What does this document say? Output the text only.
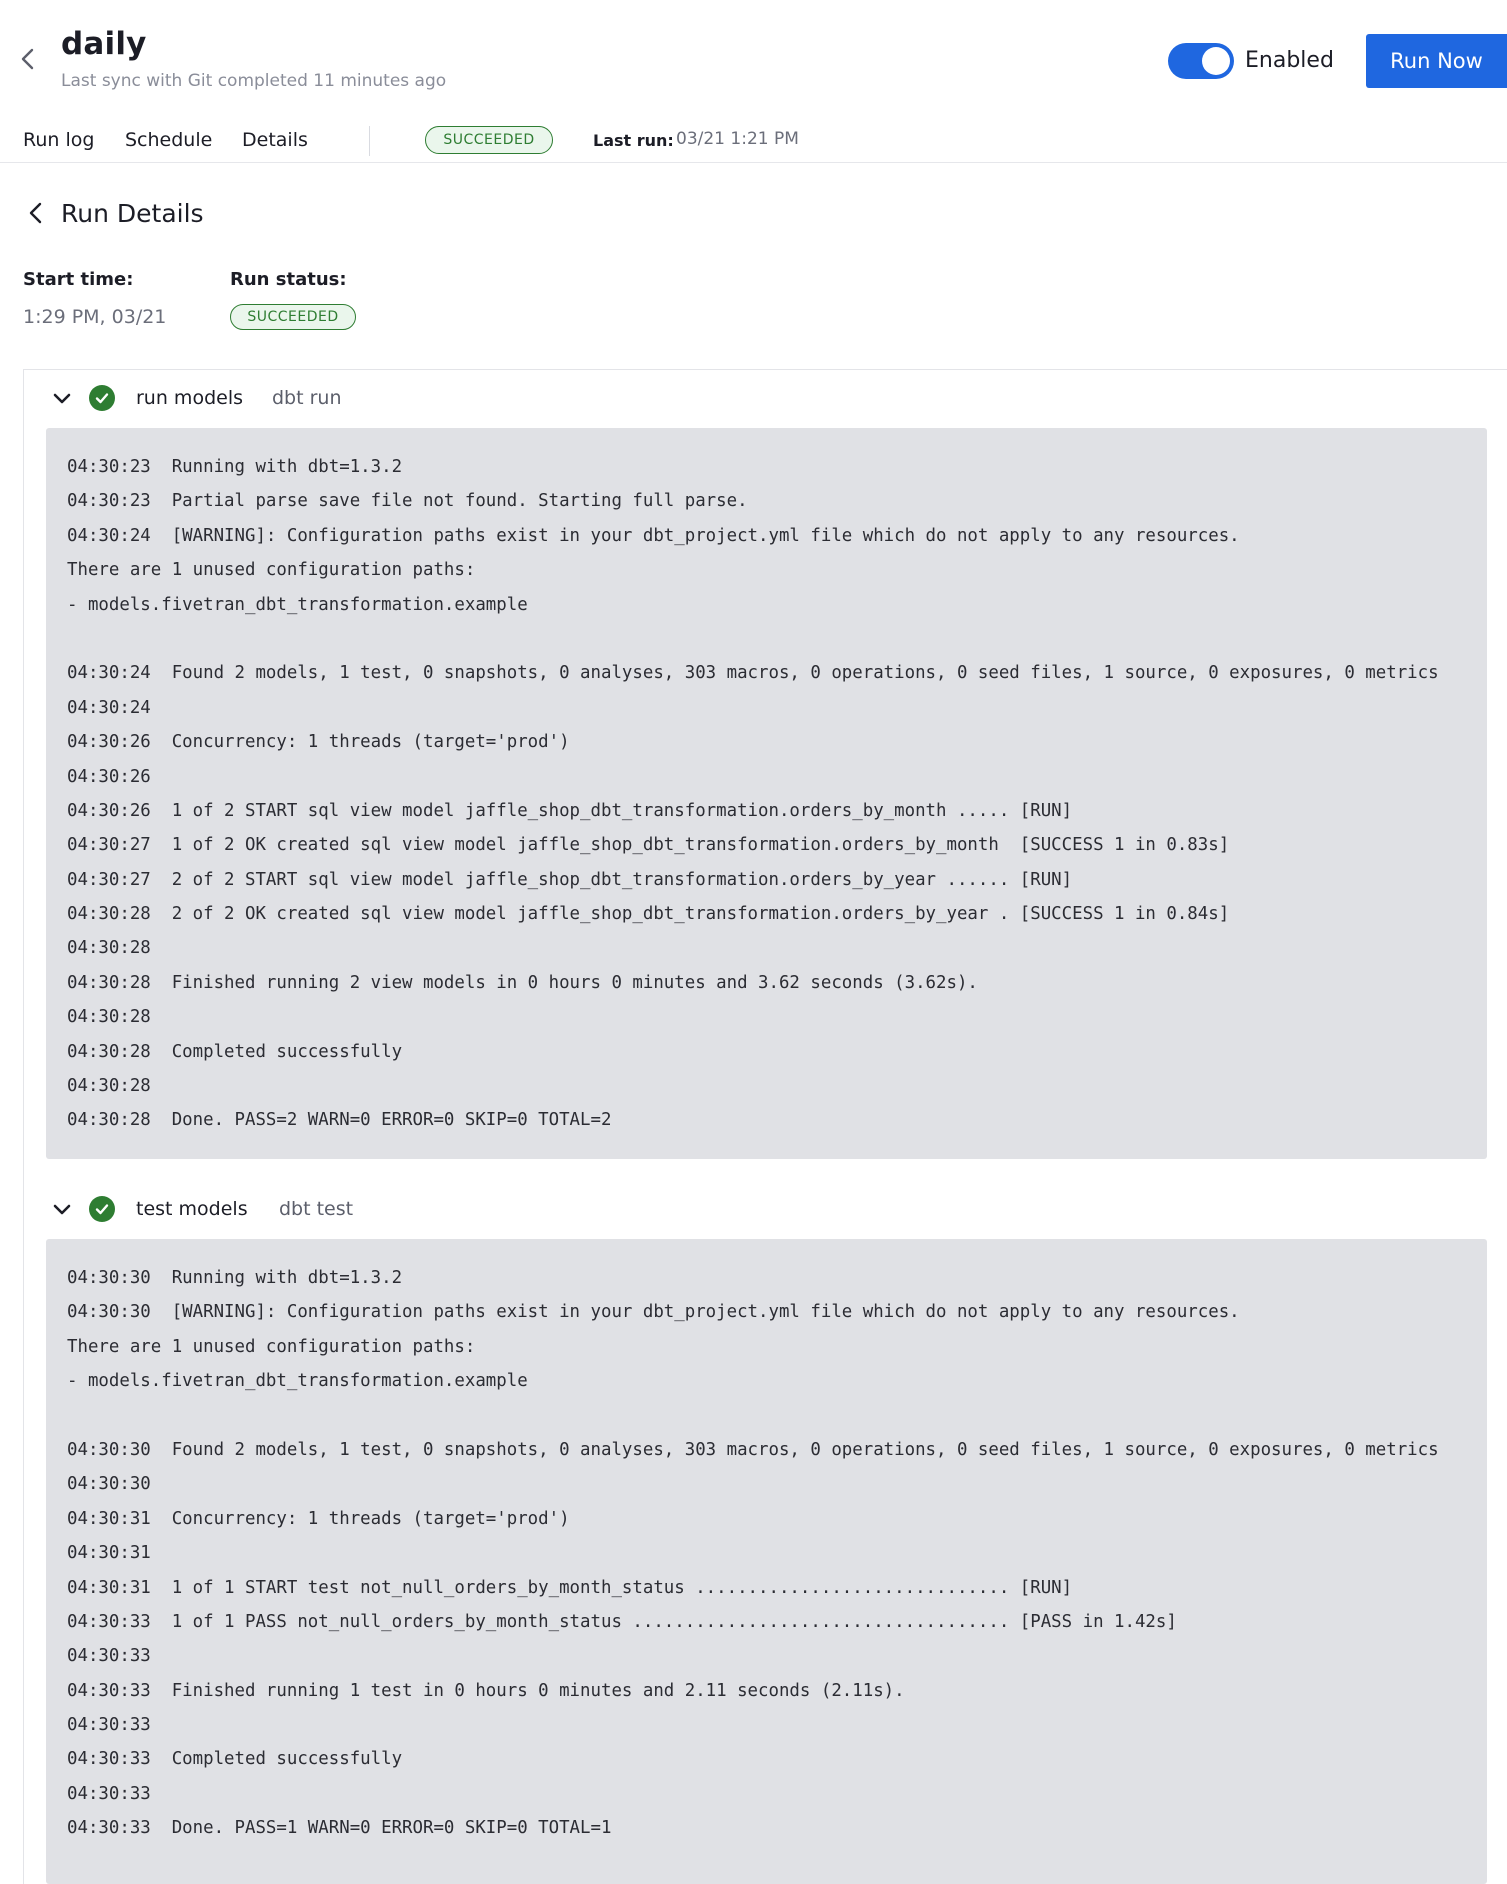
daily
Last sync with Git completed 11 minutes ago
Enabled	Run Now
Run log Schedule Details	SUCCEEDED	Last run: 03/21 1:21 PM
Run Details
Start time:	Run status:
1:29 PM, 03/21	SUCCEEDED
run models dbt run
04:30:23  Running with dbt=1.3.2
04:30:23  Partial parse save file not found. Starting full parse.
04:30:24  [WARNING]: Configuration paths exist in your dbt_project.yml file which do not apply to any resources.
There are 1 unused configuration paths:
- models.fivetran_dbt_transformation.example
04:30:24  Found 2 models, 1 test, 0 snapshots, 0 analyses, 303 macros, 0 operations, 0 seed files, 1 source, 0 exposures, 0 metrics
04:30:24
04:30:26  Concurrency: 1 threads (target='prod')
04:30:26
04:30:26  1 of 2 START sql view model jaffle_shop_dbt_transformation.orders_by_month ..... [RUN]
04:30:27  1 of 2 OK created sql view model jaffle_shop_dbt_transformation.orders_by_month  [SUCCESS 1 in 0.83s]
04:30:27  2 of 2 START sql view model jaffle_shop_dbt_transformation.orders_by_year ...... [RUN]
04:30:28  2 of 2 OK created sql view model jaffle_shop_dbt_transformation.orders_by_year . [SUCCESS 1 in 0.84s]
04:30:28
04:30:28  Finished running 2 view models in 0 hours 0 minutes and 3.62 seconds (3.62s).
04:30:28
04:30:28  Completed successfully
04:30:28
04:30:28  Done. PASS=2 WARN=0 ERROR=0 SKIP=0 TOTAL=2
test models dbt test
04:30:30  Running with dbt=1.3.2
04:30:30  [WARNING]: Configuration paths exist in your dbt_project.yml file which do not apply to any resources.
There are 1 unused configuration paths:
- models.fivetran_dbt_transformation.example
04:30:30  Found 2 models, 1 test, 0 snapshots, 0 analyses, 303 macros, 0 operations, 0 seed files, 1 source, 0 exposures, 0 metrics
04:30:30
04:30:31  Concurrency: 1 threads (target='prod')
04:30:31
04:30:31  1 of 1 START test not_null_orders_by_month_status .............................. [RUN]
04:30:33  1 of 1 PASS not_null_orders_by_month_status .................................... [PASS in 1.42s]
04:30:33
04:30:33  Finished running 1 test in 0 hours 0 minutes and 2.11 seconds (2.11s).
04:30:33
04:30:33  Completed successfully
04:30:33
04:30:33  Done. PASS=1 WARN=0 ERROR=0 SKIP=0 TOTAL=1
